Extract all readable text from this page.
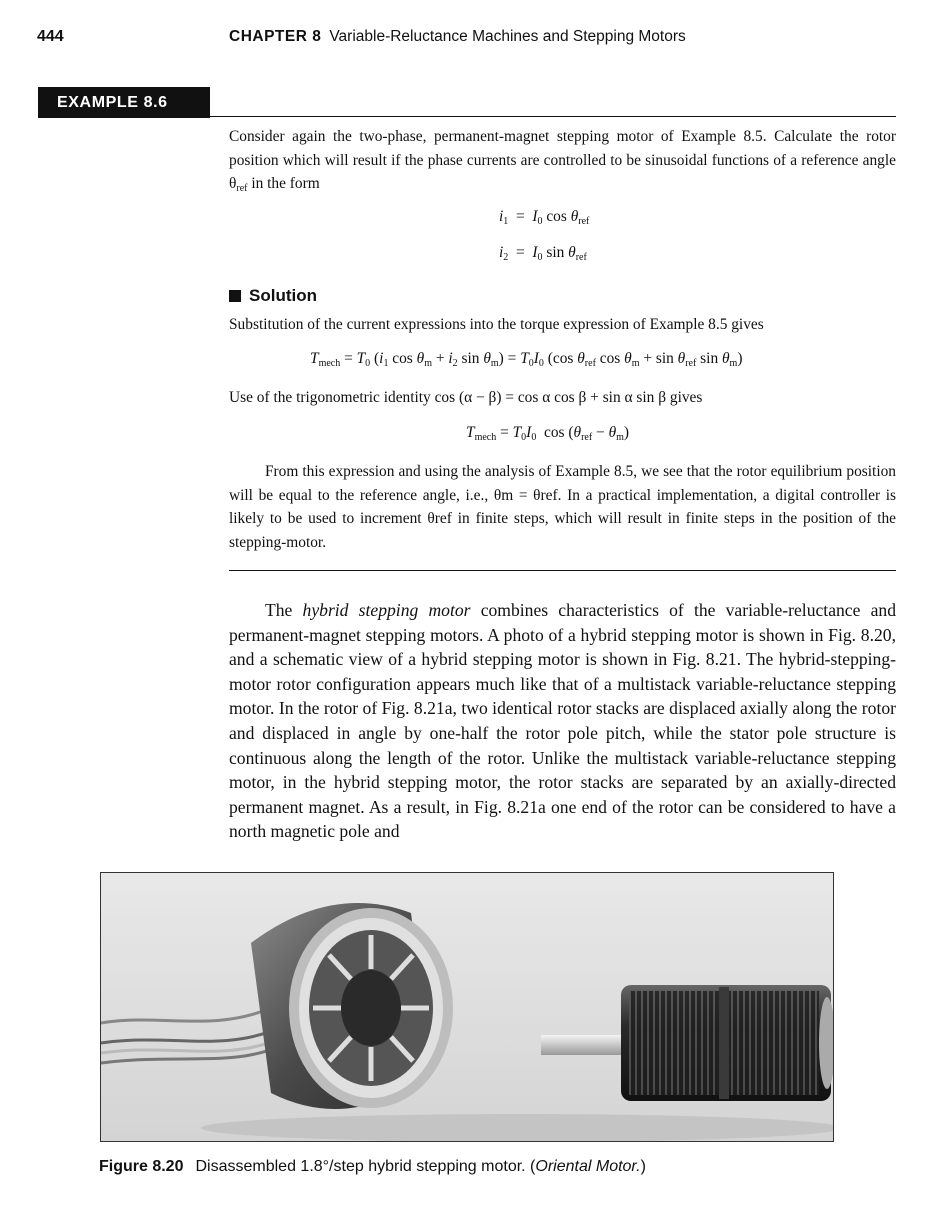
444	CHAPTER 8 Variable-Reluctance Machines and Stepping Motors
EXAMPLE 8.6
Consider again the two-phase, permanent-magnet stepping motor of Example 8.5. Calculate the rotor position which will result if the phase currents are controlled to be sinusoidal functions of a reference angle $\theta_{ref}$ in the form
$i_1 = I_0$ $\cos \theta_{ref}$
$i_2 = I_0$ $\sin \theta_{ref}$
Solution
Substitution of the current expressions into the torque expression of Example 8.5 gives
$T_{mech} = T_0$ ($i_1$ $\cos \theta_m + i_2$ $\sin \theta_m) = T_0I_0$ (cos $\theta_{ref}$ $\cos \theta_m + \sin \theta_{ref}$ $\sin \theta_m$)
Use of the trigonometric identity cos (α − β) = cos α cos β + sin α sin β gives
$T_{mech} = T_0I_0$  $\cos (\theta_{ref} - \theta_m)$
From this expression and using the analysis of Example 8.5, we see that the rotor equilibrium position will be equal to the reference angle, i.e., θm = θref. In a practical implementation, a digital controller is likely to be used to increment θref in finite steps, which will result in finite steps in the position of the stepping-motor.
The hybrid stepping motor combines characteristics of the variable-reluctance and permanent-magnet stepping motors. A photo of a hybrid stepping motor is shown in Fig. 8.20, and a schematic view of a hybrid stepping motor is shown in Fig. 8.21. The hybrid-stepping-motor rotor configuration appears much like that of a multistack variable-reluctance stepping motor. In the rotor of Fig. 8.21a, two identical rotor stacks are displaced axially along the rotor and displaced in angle by one-half the rotor pole pitch, while the stator pole structure is continuous along the length of the rotor. Unlike the multistack variable-reluctance stepping motor, in the hybrid stepping motor, the rotor stacks are separated by an axially-directed permanent magnet. As a result, in Fig. 8.21a one end of the rotor can be considered to have a north magnetic pole and
Figure 8.20 Disassembled 1.8°/step hybrid stepping motor. (Oriental Motor.)
